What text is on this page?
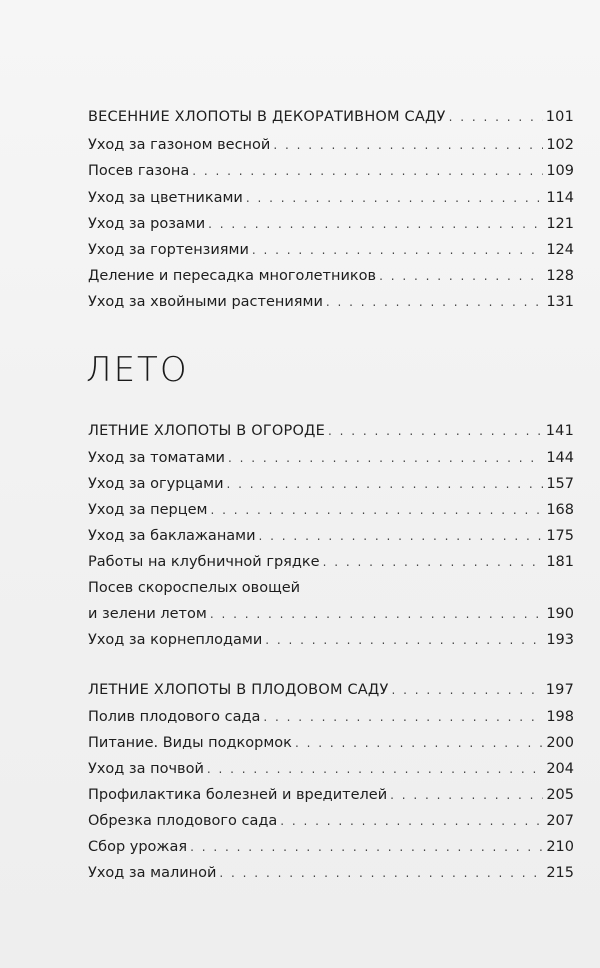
ВЕСЕННИЕ ХЛОПОТЫ В ДЕКОРАТИВНОМ САДУ . . .	101
Уход за газоном весной . . .	102
Посев газона . . .	109
Уход за цветниками . . .	114
Уход за розами . . .	121
Уход за гортензиями . . .	124
Деление и пересадка многолетников . . .	128
Уход за хвойными растениями . . .	131
ЛЕТО
ЛЕТНИЕ ХЛОПОТЫ В ОГОРОДЕ . . .	141
Уход за томатами . . .	144
Уход за огурцами . . .	157
Уход за перцем . . .	168
Уход за баклажанами . . .	175
Работы на клубничной грядке . . .	181
Посев скороспелых овощей
и зелени летом . . .	190
Уход за корнеплодами . . .	193
ЛЕТНИЕ ХЛОПОТЫ В ПЛОДОВОМ САДУ . . .	197
Полив плодового сада . . .	198
Питание. Виды подкормок . . .	200
Уход за почвой . . .	204
Профилактика болезней и вредителей . . .	205
Обрезка плодового сада . . .	207
Сбор урожая . . .	210
Уход за малиной . . .	215
